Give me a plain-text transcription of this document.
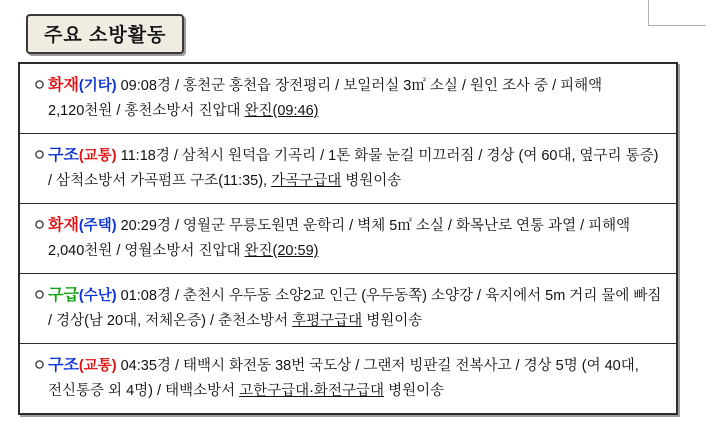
주요 소방활동
화재(기타) 09:08경 / 홍천군 홍천읍 장전평리 / 보일러실 3㎡ 소실 / 원인 조사 중 / 피해액 2,120천원 / 홍천소방서 진압대 완진(09:46)
구조(교통) 11:18경 / 삼척시 원덕읍 기곡리 / 1톤 화물 눈길 미끄러짐 / 경상 (여 60대, 옆구리 통증) / 삼척소방서 가곡펌프 구조(11:35), 가곡구급대 병원이송
화재(주택) 20:29경 / 영월군 무릉도원면 운학리 / 벽체 5㎡ 소실 / 화목난로 연통 과열 / 피해액 2,040천원 / 영월소방서 진압대 완진(20:59)
구급(수난) 01:08경 / 춘천시 우두동 소양2교 인근 (우두동쪽) 소양강 / 육지에서 5m 거리 물에 빠짐 / 경상(남 20대, 저체온증) / 춘천소방서 후평구급대 병원이송
구조(교통) 04:35경 / 태백시 화전동 38번 국도상 / 그랜저 빙판길 전복사고 / 경상 5명 (여 40대, 전신통증 외 4명) / 태백소방서 고한구급대·화전구급대 병원이송
